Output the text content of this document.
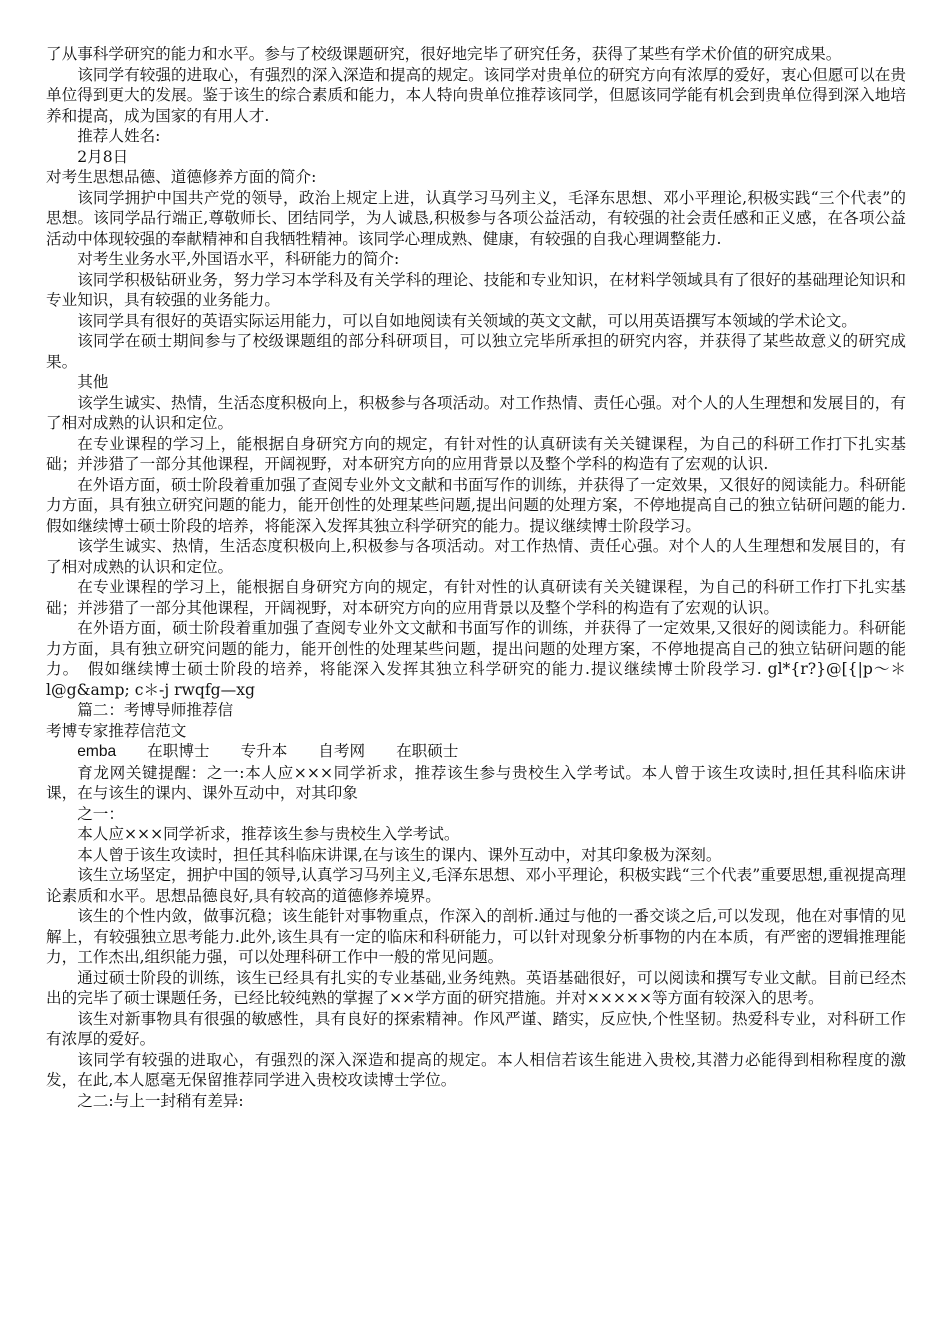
了从事科学研究的能力和水平。参与了校级课题研究，很好地完毕了研究任务，获得了某些有学术价值的研究成果。

该同学有较强的进取心，有强烈的深入深造和提高的规定。该同学对贵单位的研究方向有浓厚的爱好，衷心但愿可以在贵单位得到更大的发展。鉴于该生的综合素质和能力，本人特向贵单位推荐该同学，但愿该同学能有机会到贵单位得到深入地培养和提高，成为国家的有用人才.

推荐人姓名:

2月8日

对考生思想品德、道德修养方面的简介:

该同学拥护中国共产党的领导，政治上规定上进，认真学习马列主义，毛泽东思想、邓小平理论,积极实践“三个代表”的思想。该同学品行端正,尊敬师长、团结同学，为人诚恳,积极参与各项公益活动，有较强的社会责任感和正义感，在各项公益活动中体现较强的奉献精神和自我牺牲精神。该同学心理成熟、健康，有较强的自我心理调整能力.

对考生业务水平,外国语水平，科研能力的简介:

该同学积极钻研业务，努力学习本学科及有关学科的理论、技能和专业知识，在材料学领域具有了很好的基础理论知识和专业知识，具有较强的业务能力。

该同学具有很好的英语实际运用能力，可以自如地阅读有关领域的英文文献，可以用英语撰写本领域的学术论文。

该同学在硕士期间参与了校级课题组的部分科研项目，可以独立完毕所承担的研究内容，并获得了某些故意义的研究成果。

其他

该学生诚实、热情，生活态度积极向上，积极参与各项活动。对工作热情、责任心强。对个人的人生理想和发展目的，有了相对成熟的认识和定位。

在专业课程的学习上，能根据自身研究方向的规定，有针对性的认真研读有关关键课程，为自己的科研工作打下扎实基础；并涉猎了一部分其他课程，开阔视野，对本研究方向的应用背景以及整个学科的构造有了宏观的认识.

在外语方面，硕士阶段着重加强了查阅专业外文文献和书面写作的训练，并获得了一定效果，又很好的阅读能力。科研能力方面，具有独立研究问题的能力，能开创性的处理某些问题,提出问题的处理方案，不停地提高自己的独立钻研问题的能力. 假如继续博士硕士阶段的培养，将能深入发挥其独立科学研究的能力。提议继续博士阶段学习。

该学生诚实、热情，生活态度积极向上,积极参与各项活动。对工作热情、责任心强。对个人的人生理想和发展目的，有了相对成熟的认识和定位。

在专业课程的学习上，能根据自身研究方向的规定，有针对性的认真研读有关关键课程，为自己的科研工作打下扎实基础；并涉猎了一部分其他课程，开阔视野，对本研究方向的应用背景以及整个学科的构造有了宏观的认识。

在外语方面，硕士阶段着重加强了查阅专业外文文献和书面写作的训练，并获得了一定效果,又很好的阅读能力。科研能力方面，具有独立研究问题的能力，能开创性的处理某些问题，提出问题的处理方案，不停地提高自己的独立钻研问题的能力。　假如继续博士硕士阶段的培养，将能深入发挥其独立科学研究的能力.提议继续博士阶段学习. gl*{r?}@[{|p～＊l@g&amp; c＊-j rwqfg—xg

篇二：考博导师推荐信

考博专家推荐信范文

emba 在职博士 专升本 自考网 在职硕士

育龙网关键提醒：之一:本人应×××同学祈求，推荐该生参与贵校生入学考试。本人曾于该生攻读时,担任其科临床讲课，在与该生的课内、课外互动中，对其印象

之一：

本人应×××同学祈求，推荐该生参与贵校生入学考试。

本人曾于该生攻读时，担任其科临床讲课,在与该生的课内、课外互动中，对其印象极为深刻。

该生立场坚定，拥护中国的领导,认真学习马列主义,毛泽东思想、邓小平理论，积极实践“三个代表”重要思想,重视提高理论素质和水平。思想品德良好,具有较高的道德修养境界。

该生的个性内敛，做事沉稳；该生能针对事物重点，作深入的剖析.通过与他的一番交谈之后,可以发现，他在对事情的见解上，有较强独立思考能力.此外,该生具有一定的临床和科研能力，可以针对现象分析事物的内在本质，有严密的逻辑推理能力，工作杰出,组织能力强，可以处理科研工作中一般的常见问题。

通过硕士阶段的训练，该生已经具有扎实的专业基础,业务纯熟。英语基础很好，可以阅读和撰写专业文献。目前已经杰出的完毕了硕士课题任务，已经比较纯熟的掌握了××学方面的研究措施。并对×××××等方面有较深入的思考。

该生对新事物具有很强的敏感性，具有良好的探索精神。作风严谨、踏实，反应快,个性坚韧。热爱科专业，对科研工作有浓厚的爱好。

该同学有较强的进取心，有强烈的深入深造和提高的规定。本人相信若该生能进入贵校,其潜力必能得到相称程度的激发，在此,本人愿毫无保留推荐同学进入贵校攻读博士学位。

之二:与上一封稍有差异:
